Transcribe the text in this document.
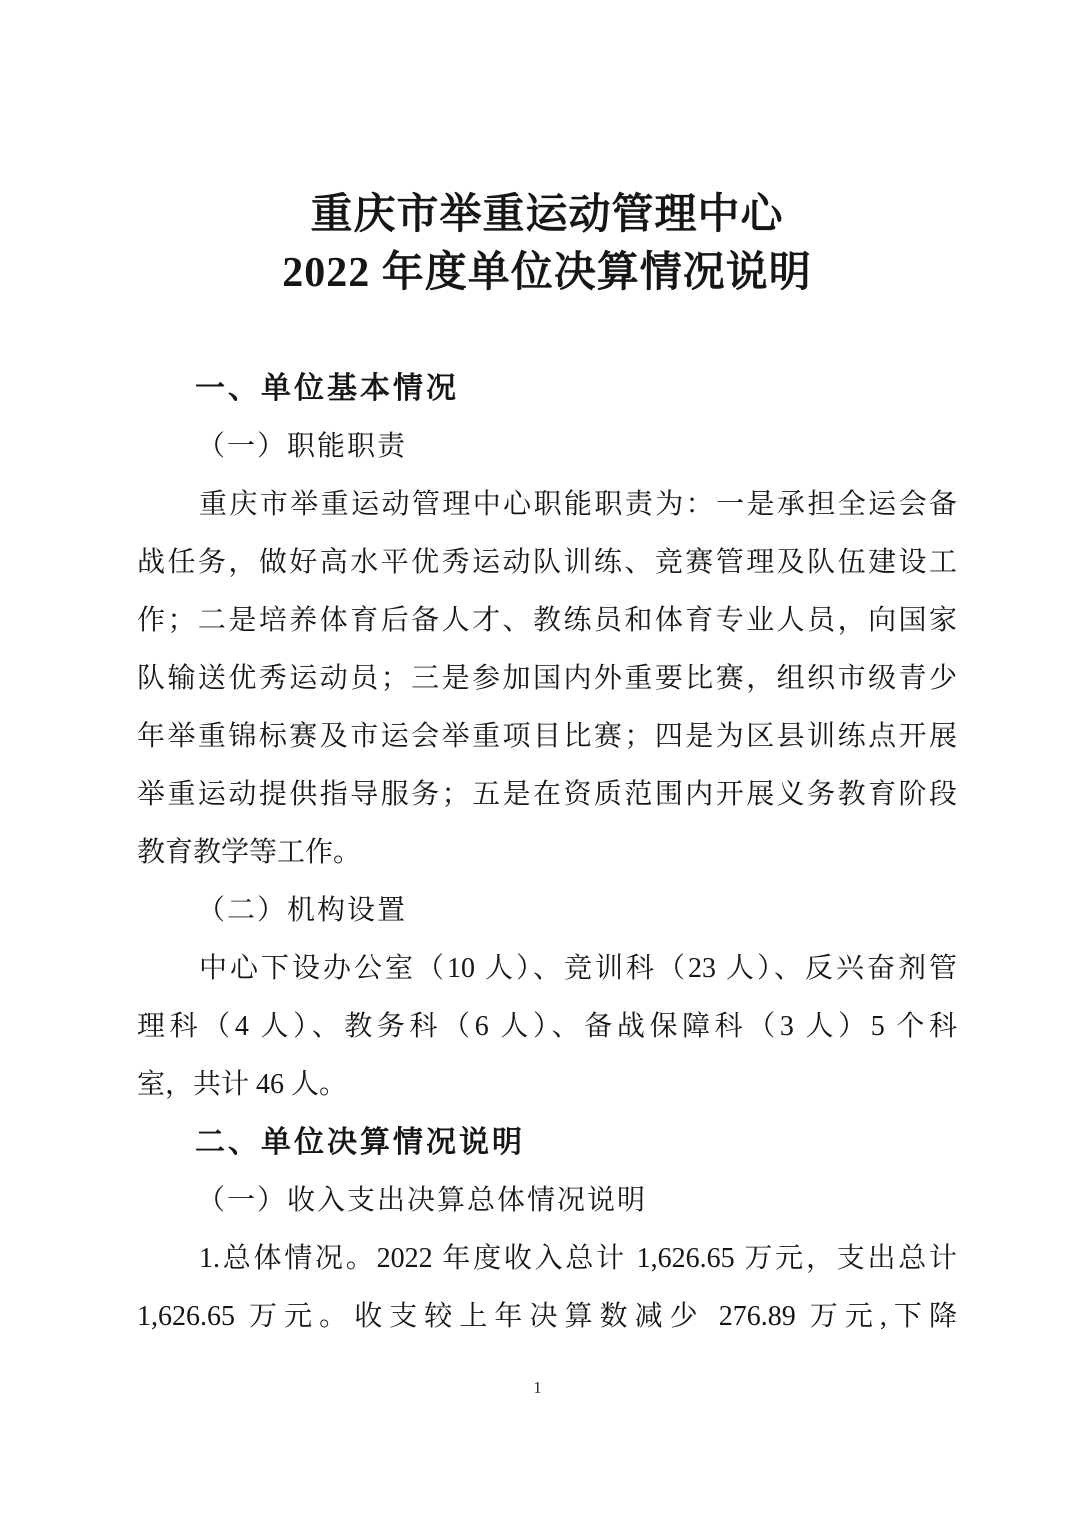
重庆市举重运动管理中心
2022 年度单位决算情况说明
一、单位基本情况
（一）职能职责
重庆市举重运动管理中心职能职责为：一是承担全运会备
战任务，做好高水平优秀运动队训练、竞赛管理及队伍建设工
作；二是培养体育后备人才、教练员和体育专业人员，向国家
队输送优秀运动员；三是参加国内外重要比赛，组织市级青少
年举重锦标赛及市运会举重项目比赛；四是为区县训练点开展
举重运动提供指导服务；五是在资质范围内开展义务教育阶段
教育教学等工作。
（二）机构设置
中心下设办公室（10 人）、竞训科（23 人）、反兴奋剂管
理科（4 人）、教务科（6 人）、备战保障科（3 人）5 个科
室，共计 46 人。
二、单位决算情况说明
（一）收入支出决算总体情况说明
1.总体情况。2022 年度收入总计 1,626.65 万元，支出总计
1,626.65 万元。收支较上年决算数减少 276.89 万元,下降
1
